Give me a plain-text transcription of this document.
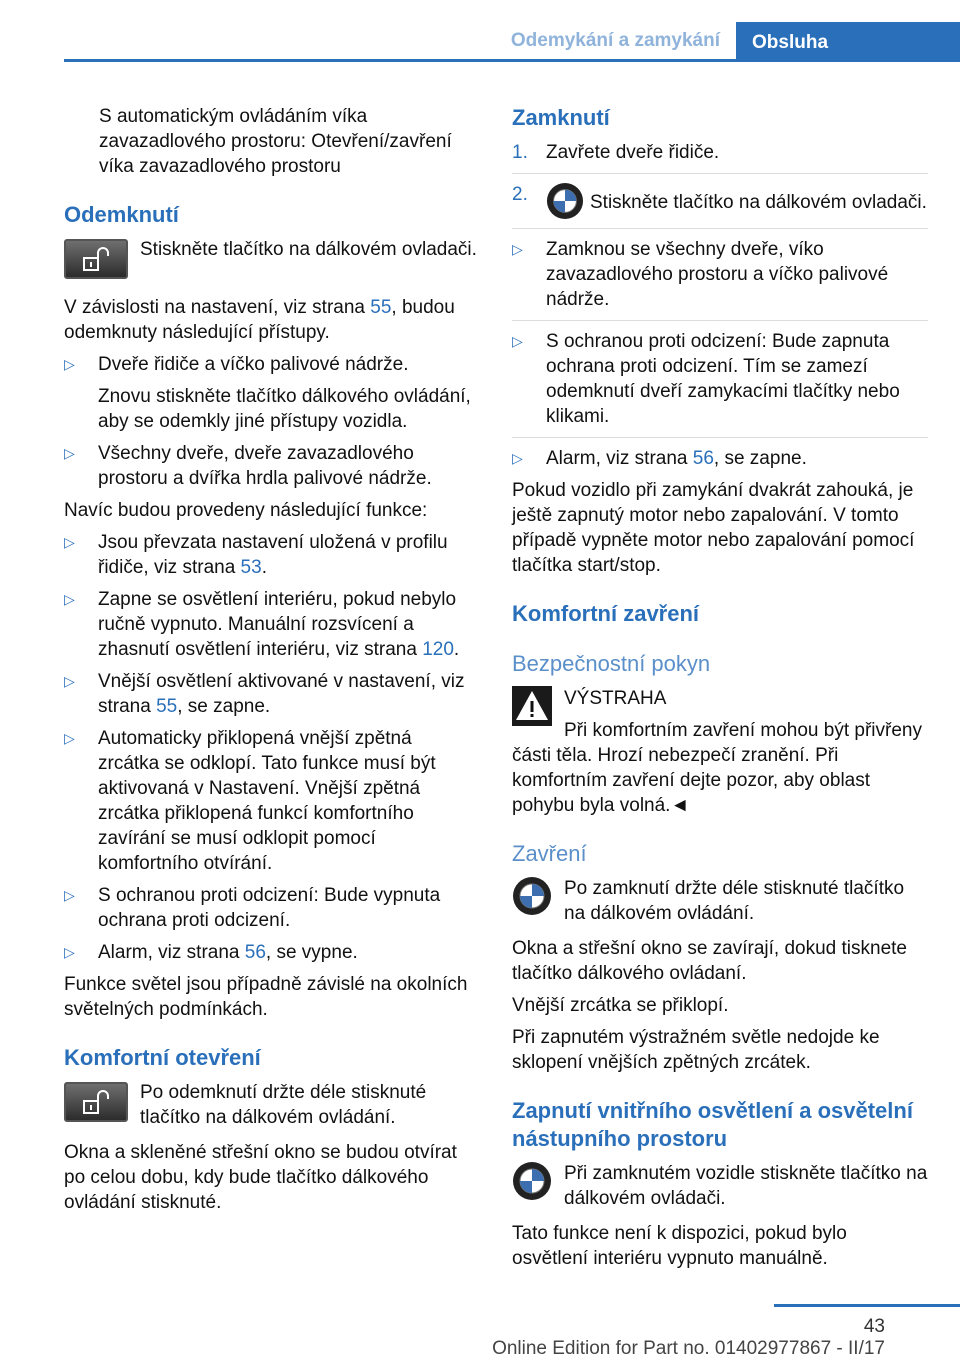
Odemykání a zamykání	Obsluha

S automatickým ovládáním víka zavazadlového prostoru: Otevření/zavření víka zavazadlového prostoru

Odemknutí
Stiskněte tlačítko na dálkovém ovladači.

V závislosti na nastavení, viz strana 55, budou odemknuty následující přístupy.

▷ Dveře řidiče a víčko palivové nádrže.
Znovu stiskněte tlačítko dálkového ovládání, aby se odemkly jiné přístupy vozidla.
▷ Všechny dveře, dveře zavazadlového prostoru a dvířka hrdla palivové nádrže.

Navíc budou provedeny následující funkce:

▷ Jsou převzata nastavení uložená v profilu řidiče, viz strana 53.
▷ Zapne se osvětlení interiéru, pokud nebylo ručně vypnuto. Manuální rozsvícení a zhasnutí osvětlení interiéru, viz strana 120.
▷ Vnější osvětlení aktivované v nastavení, viz strana 55, se zapne.
▷ Automaticky přiklopená vnější zpětná zrcátka se odklopí. Tato funkce musí být aktivovaná v Nastavení. Vnější zpětná zrcátka přiklopená funkcí komfortního zavírání se musí odklopit pomocí komfortního otvírání.
▷ S ochranou proti odcizení: Bude vypnuta ochrana proti odcizení.
▷ Alarm, viz strana 56, se vypne.

Funkce světel jsou případně závislé na okolních světelných podmínkách.

Komfortní otevření
Po odemknutí držte déle stisknuté tlačítko na dálkovém ovládání.

Okna a skleněné střešní okno se budou otvírat po celou dobu, kdy bude tlačítko dálkového ovládání stisknuté.

Zamknutí
1. Zavřete dveře řidiče.
2.	Stiskněte tlačítko na dálkovém ovladači.
▷ Zamknou se všechny dveře, víko zavazadlového prostoru a víčko palivové nádrže.
▷ S ochranou proti odcizení: Bude zapnuta ochrana proti odcizení. Tím se zamezí odemknutí dveří zamykacími tlačítky nebo klikami.
▷ Alarm, viz strana 56, se zapne.

Pokud vozidlo při zamykání dvakrát zahouká, je ještě zapnutý motor nebo zapalování. V tomto případě vypněte motor nebo zapalování pomocí tlačítka start/stop.

Komfortní zavření
Bezpečnostní pokyn
VÝSTRAHA

Při komfortním zavření mohou být přivřeny části těla. Hrozí nebezpečí zranění. Při komfortním zavření dejte pozor, aby oblast pohybu byla volná.◄

Zavření
Po zamknutí držte déle stisknuté tlačítko na dálkovém ovládání.

Okna a střešní okno se zavírají, dokud tisknete tlačítko dálkového ovládaní.

Vnější zrcátka se přiklopí.

Při zapnutém výstražném světle nedojde ke sklopení vnějších zpětných zrcátek.

Zapnutí vnitřního osvětlení a osvětelní nástupního prostoru
Při zamknutém vozidle stiskněte tlačítko na dálkovém ovládači.

Tato funkce není k dispozici, pokud bylo osvětlení interiéru vypnuto manuálně.

43
Online Edition for Part no. 01402977867 - II/17
